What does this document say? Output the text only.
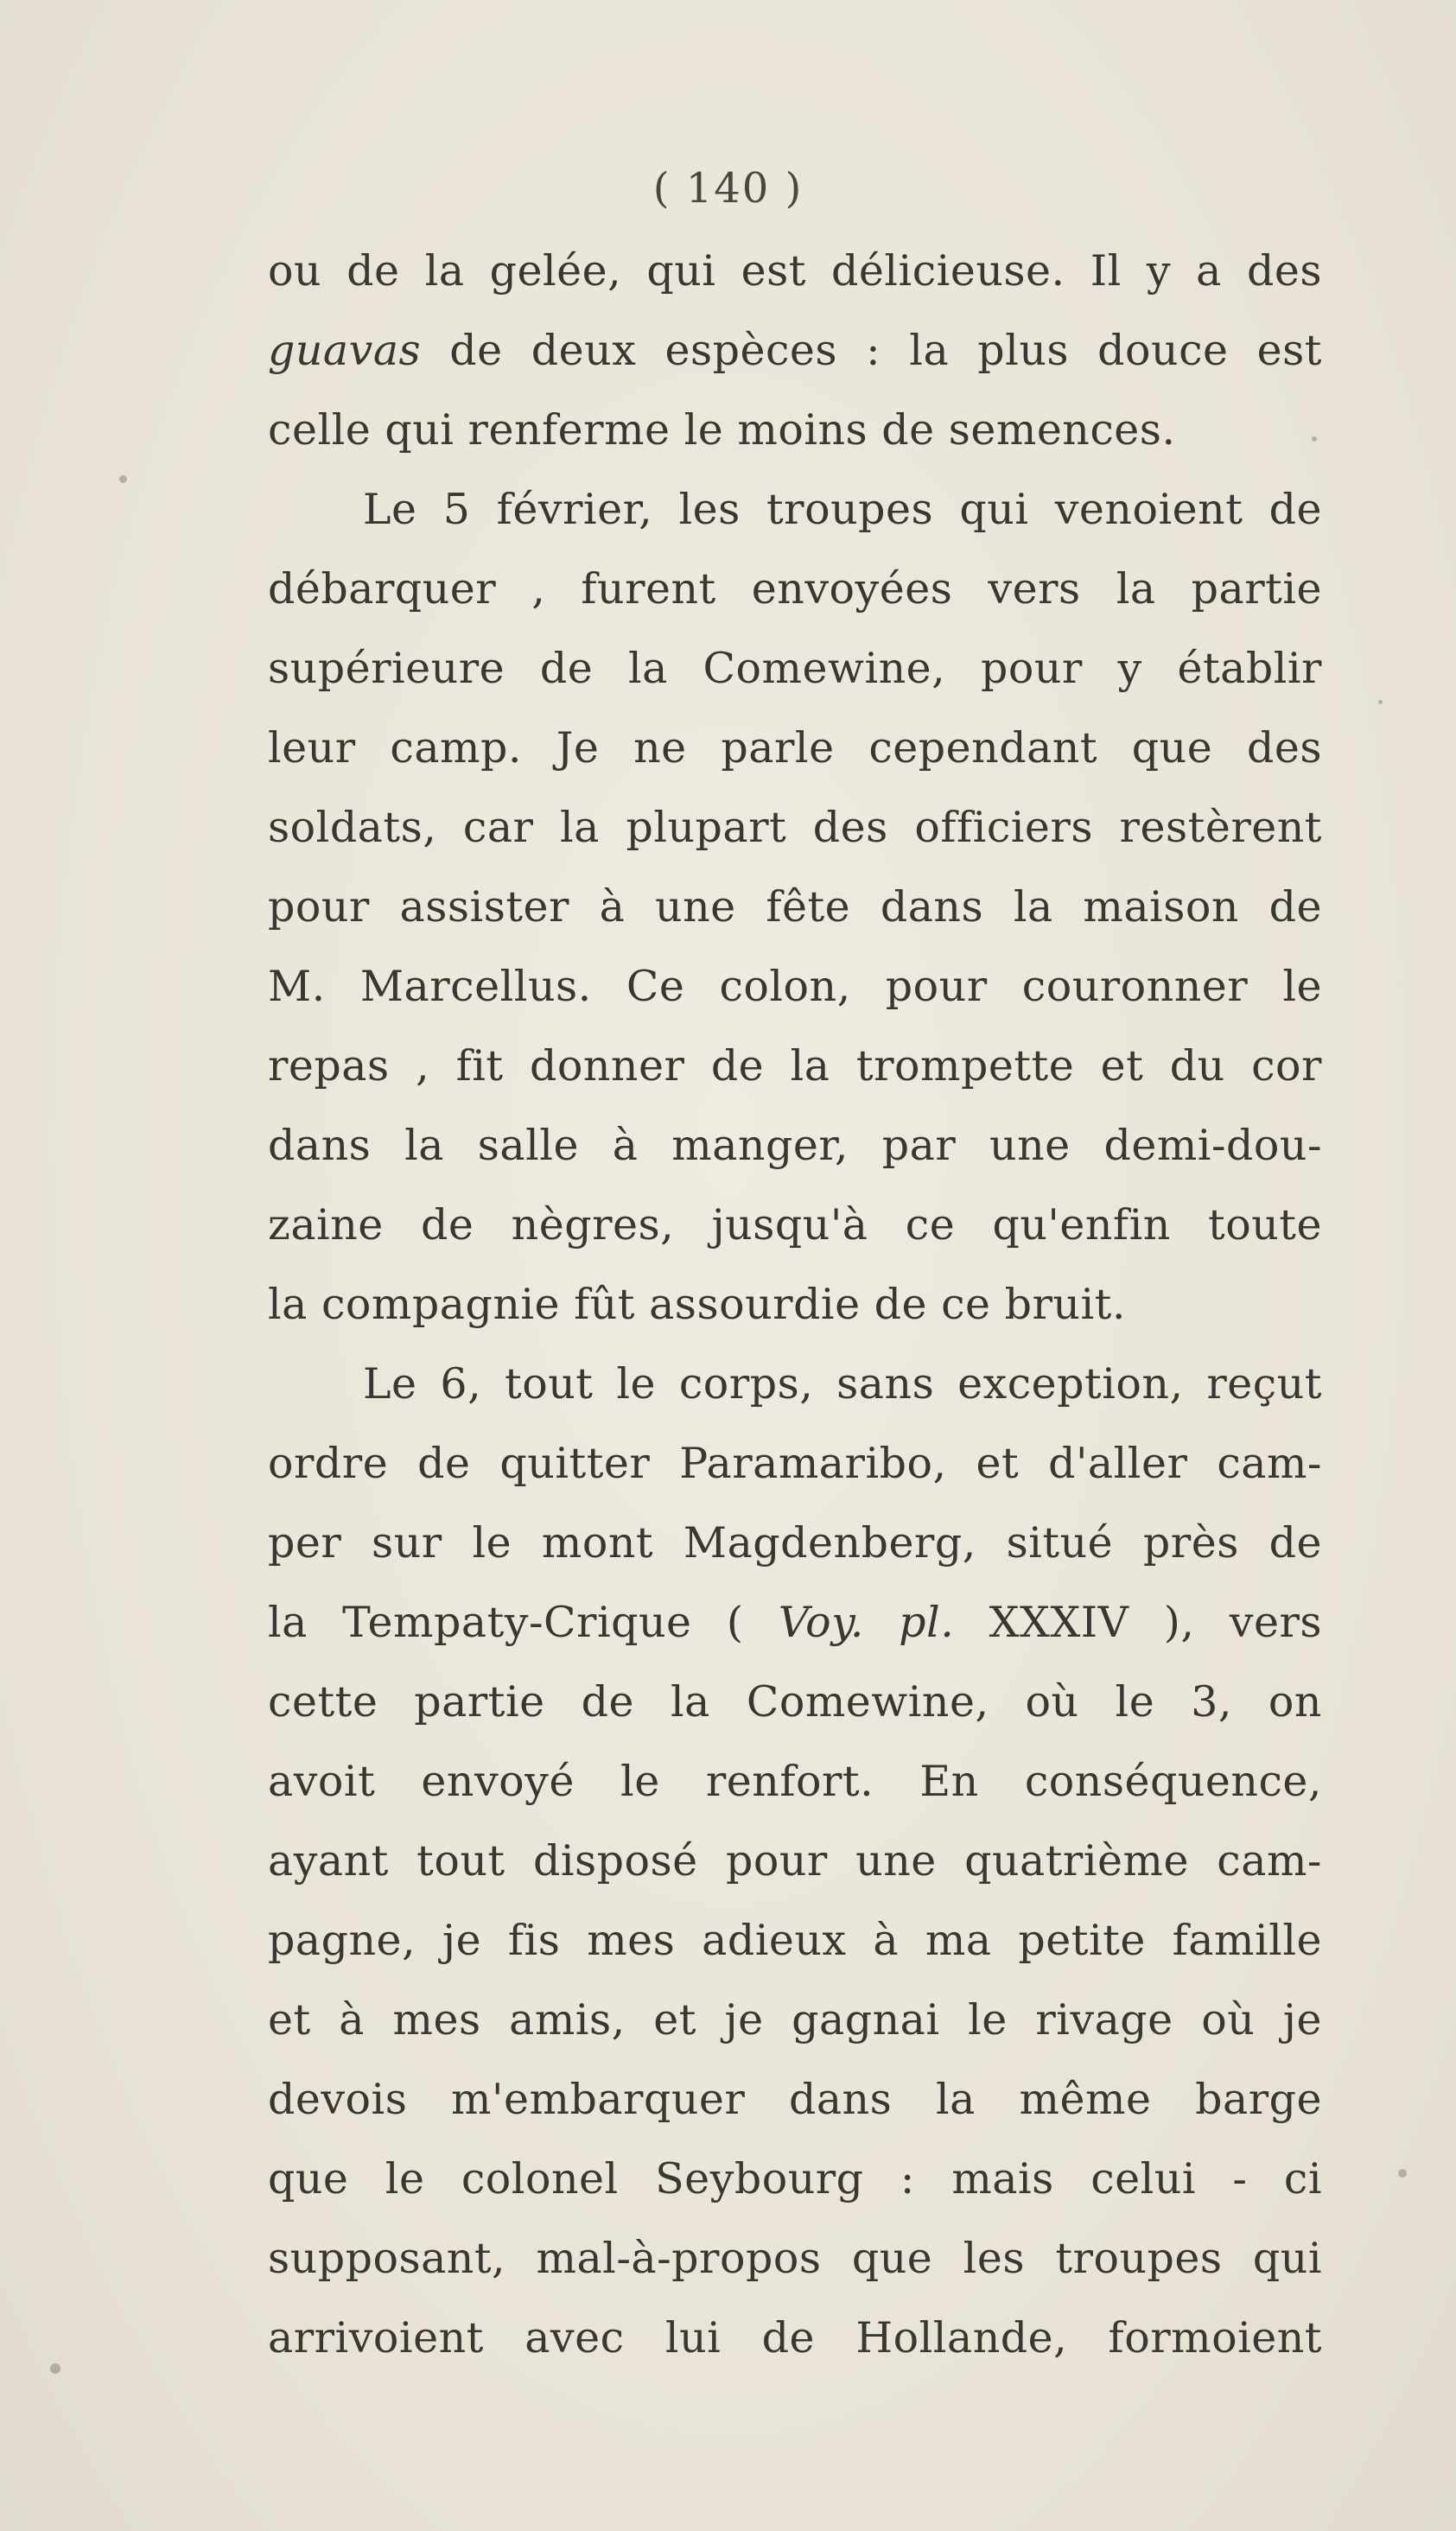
( 140 )
ou de la gelée, qui est délicieuse. Il y a des
guavas de deux espèces : la plus douce est
celle qui renferme le moins de semences.
Le 5 février, les troupes qui venoient de
débarquer , furent envoyées vers la partie
supérieure de la Comewine, pour y établir
leur camp. Je ne parle cependant que des
soldats, car la plupart des officiers restèrent
pour assister à une fête dans la maison de
M. Marcellus. Ce colon, pour couronner le
repas , fit donner de la trompette et du cor
dans la salle à manger, par une demi-dou-
zaine de nègres, jusqu'à ce qu'enfin toute
la compagnie fût assourdie de ce bruit.
Le 6, tout le corps, sans exception, reçut
ordre de quitter Paramaribo, et d'aller cam-
per sur le mont Magdenberg, situé près de
la Tempaty-Crique ( Voy. pl. XXXIV ), vers
cette partie de la Comewine, où le 3, on
avoit envoyé le renfort. En conséquence,
ayant tout disposé pour une quatrième cam-
pagne, je fis mes adieux à ma petite famille
et à mes amis, et je gagnai le rivage où je
devois m'embarquer dans la même barge
que le colonel Seybourg : mais celui - ci
supposant, mal-à-propos que les troupes qui
arrivoient avec lui de Hollande, formoient
